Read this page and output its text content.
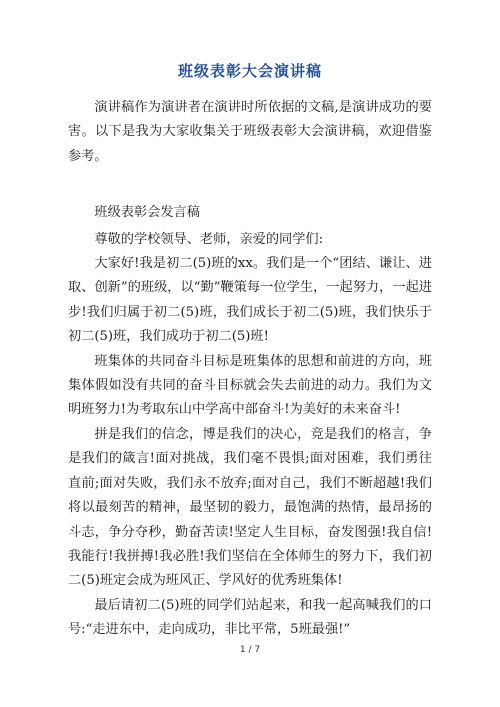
班级表彰大会演讲稿

演讲稿作为演讲者在演讲时所依据的文稿,是演讲成功的要害。以下是我为大家收集关于班级表彰大会演讲稿，欢迎借鉴参考。

班级表彰会发言稿

尊敬的学校领导、老师，亲爱的同学们:

大家好!我是初二(5)班的xx。我们是一个“团结、谦让、进取、创新”的班级，以“勤”鞭策每一位学生，一起努力，一起进步!我们归属于初二(5)班，我们成长于初二(5)班，我们快乐于初二(5)班，我们成功于初二(5)班!

班集体的共同奋斗目标是班集体的思想和前进的方向，班集体假如没有共同的奋斗目标就会失去前进的动力。我们为文明班努力!为考取东山中学高中部奋斗!为美好的未来奋斗!

拼是我们的信念，博是我们的决心，竞是我们的格言，争是我们的箴言!面对挑战，我们毫不畏惧;面对困难，我们勇往直前;面对失败，我们永不放弃;面对自己，我们不断超越!我们将以最刻苦的精神，最坚韧的毅力，最饱满的热情，最昂扬的斗志，争分夺秒，勤奋苦读!坚定人生目标，奋发图强!我自信!我能行!我拼搏!我必胜!我们坚信在全体师生的努力下，我们初二(5)班定会成为班风正、学风好的优秀班集体!

最后请初二(5)班的同学们站起来，和我一起高喊我们的口号:“走进东中，走向成功，非比平常，5班最强!”

1 / 7
